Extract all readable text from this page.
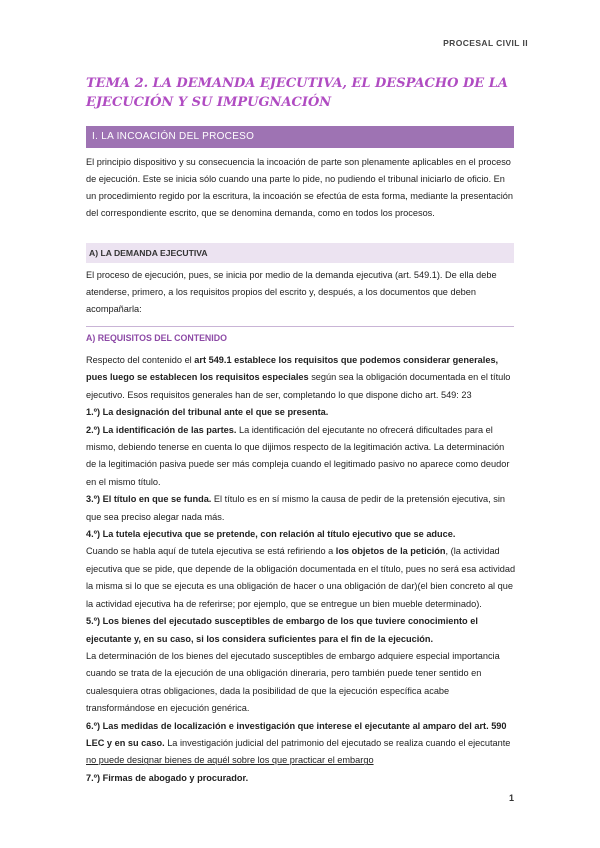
PROCESAL CIVIL II
TEMA 2. LA DEMANDA EJECUTIVA, EL DESPACHO DE LA EJECUCIÓN Y SU IMPUGNACIÓN
I. LA INCOACIÓN DEL PROCESO

El principio dispositivo y su consecuencia la incoación de parte son plenamente aplicables en el proceso de ejecución. Este se inicia sólo cuando una parte lo pide, no pudiendo el tribunal iniciarlo de oficio. En un procedimiento regido por la escritura, la incoación se efectúa de esta forma, mediante la presentación del correspondiente escrito, que se denomina demanda, como en todos los procesos.

A) LA DEMANDA EJECUTIVA

El proceso de ejecución, pues, se inicia por medio de la demanda ejecutiva (art. 549.1). De ella debe atenderse, primero, a los requisitos propios del escrito y, después, a los documentos que deben acompañarla:

A) REQUISITOS DEL CONTENIDO

Respecto del contenido el art 549.1 establece los requisitos que podemos considerar generales, pues luego se establecen los requisitos especiales según sea la obligación documentada en el título ejecutivo. Esos requisitos generales han de ser, completando lo que dispone dicho art. 549: 23

1.º) La designación del tribunal ante el que se presenta.

2.º) La identificación de las partes. La identificación del ejecutante no ofrecerá dificultades para el mismo, debiendo tenerse en cuenta lo que dijimos respecto de la legitimación activa. La determinación de la legitimación pasiva puede ser más compleja cuando el legitimado pasivo no aparece como deudor en el mismo título.

3.º) El título en que se funda. El título es en sí mismo la causa de pedir de la pretensión ejecutiva, sin que sea preciso alegar nada más.

4.º) La tutela ejecutiva que se pretende, con relación al título ejecutivo que se aduce.

Cuando se habla aquí de tutela ejecutiva se está refiriendo a los objetos de la petición, (la actividad ejecutiva que se pide, que depende de la obligación documentada en el título, pues no será esa actividad la misma si lo que se ejecuta es una obligación de hacer o una obligación de dar)(el bien concreto al que la actividad ejecutiva ha de referirse; por ejemplo, que se entregue un bien mueble determinado).

5.º) Los bienes del ejecutado susceptibles de embargo de los que tuviere conocimiento el ejecutante y, en su caso, si los considera suficientes para el fin de la ejecución.

La determinación de los bienes del ejecutado susceptibles de embargo adquiere especial importancia cuando se trata de la ejecución de una obligación dineraria, pero también puede tener sentido en cualesquiera otras obligaciones, dada la posibilidad de que la ejecución específica acabe transformándose en ejecución genérica.

6.º) Las medidas de localización e investigación que interese el ejecutante al amparo del art. 590 LEC y en su caso. La investigación judicial del patrimonio del ejecutado se realiza cuando el ejecutante no puede designar bienes de aquél sobre los que practicar el embargo

7.º) Firmas de abogado y procurador.

1
